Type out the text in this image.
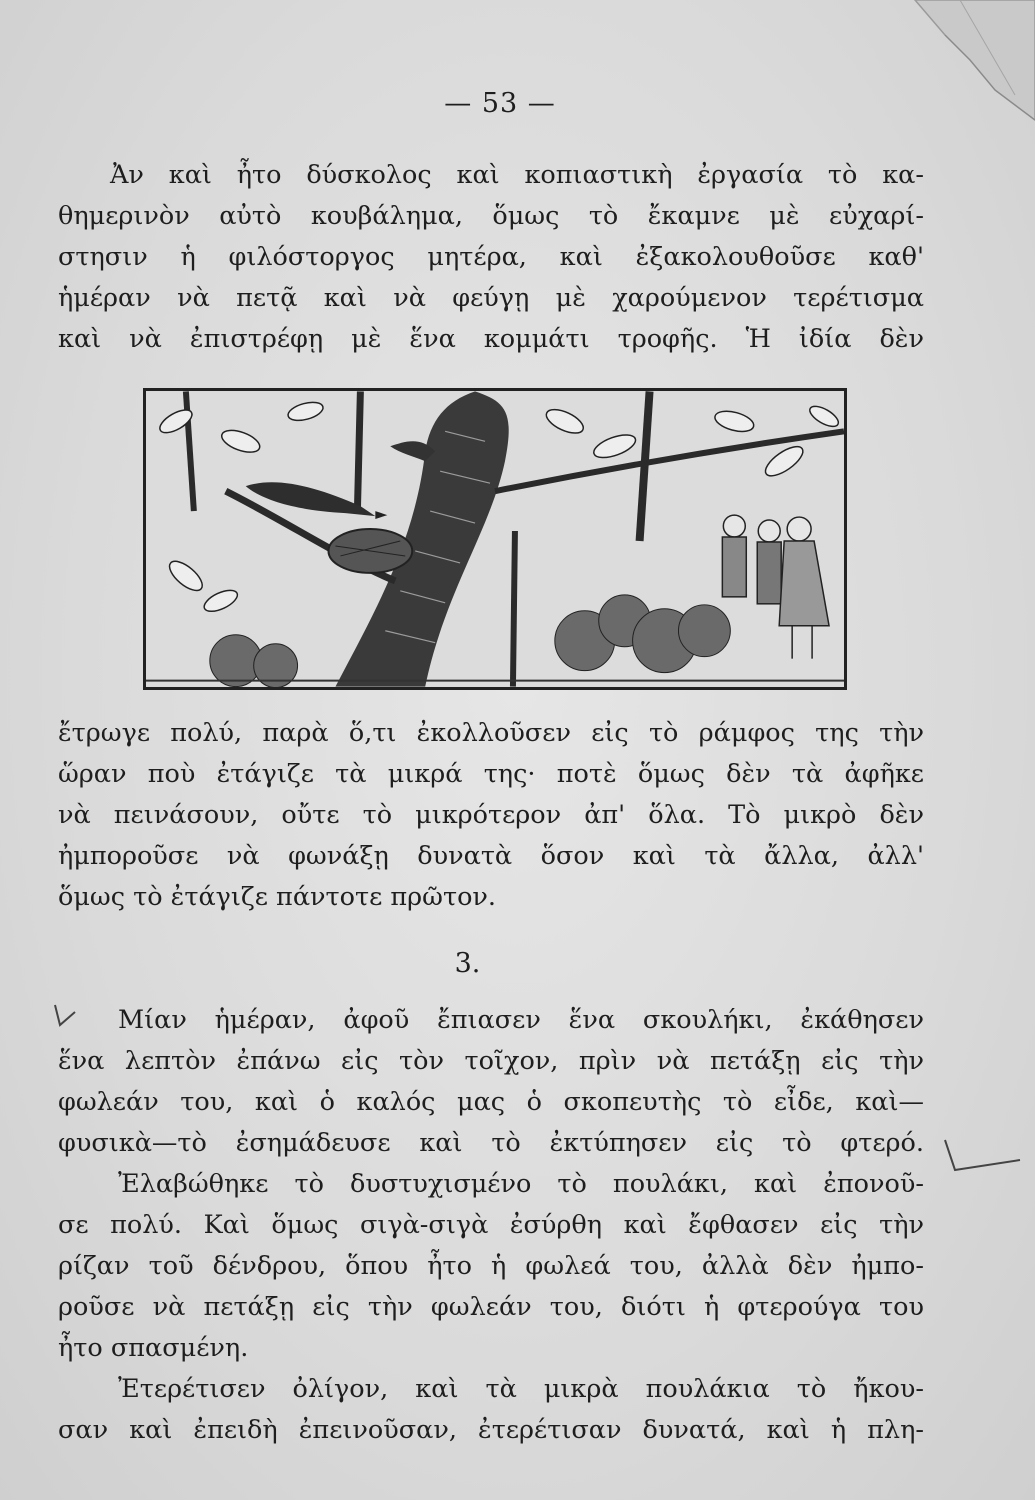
— 53 —

Ἀν καὶ ἦτο δύσκολος καὶ κοπιαστικὴ ἐργασία τὸ κα-
θημερινὸν αὐτὸ κουβάλημα, ὅμως τὸ ἔκαμνε μὲ εὐχαρί-
στησιν ἡ φιλόστοργος μητέρα, καὶ ἐξακολουθοῦσε καθ'
ἡμέραν νὰ πετᾷ καὶ νὰ φεύγῃ μὲ χαρούμενον τερέτισμα
καὶ νὰ ἐπιστρέφῃ μὲ ἕνα κομμάτι τροφῆς. Ἡ ἰδία δὲν

ἔτρωγε πολύ, παρὰ ὅ,τι ἐκολλοῦσεν εἰς τὸ ράμφος της τὴν
ὥραν ποὺ ἐτάγιζε τὰ μικρά της· ποτὲ ὅμως δὲν τὰ ἀφῆκε
νὰ πεινάσουν, οὔτε τὸ μικρότερον ἀπ' ὅλα. Τὸ μικρὸ δὲν
ἠμποροῦσε νὰ φωνάξῃ δυνατὰ ὅσον καὶ τὰ ἄλλα, ἀλλ'
ὅμως τὸ ἐτάγιζε πάντοτε πρῶτον.

3.

Μίαν ἡμέραν, ἀφοῦ ἔπιασεν ἕνα σκουλήκι, ἐκάθησεν
ἕνα λεπτὸν ἐπάνω εἰς τὸν τοῖχον, πρὶν νὰ πετάξῃ εἰς τὴν
φωλεάν του, καὶ ὁ καλός μας ὁ σκοπευτὴς τὸ εἶδε, καὶ—
φυσικὰ—τὸ ἐσημάδευσε καὶ τὸ ἐκτύπησεν εἰς τὸ φτερό.

Ἐλαβώθηκε τὸ δυστυχισμένο τὸ πουλάκι, καὶ ἐπονοῦ-
σε πολύ. Καὶ ὅμως σιγὰ-σιγὰ ἐσύρθη καὶ ἔφθασεν εἰς τὴν
ρίζαν τοῦ δένδρου, ὅπου ἦτο ἡ φωλεά του, ἀλλὰ δὲν ἠμπο-
ροῦσε νὰ πετάξῃ εἰς τὴν φωλεάν του, διότι ἡ φτερούγα του
ἦτο σπασμένη.

Ἐτερέτισεν ὀλίγον, καὶ τὰ μικρὰ πουλάκια τὸ ἤκου-
σαν καὶ ἐπειδὴ ἐπεινοῦσαν, ἐτερέτισαν δυνατά, καὶ ἡ πλη-
